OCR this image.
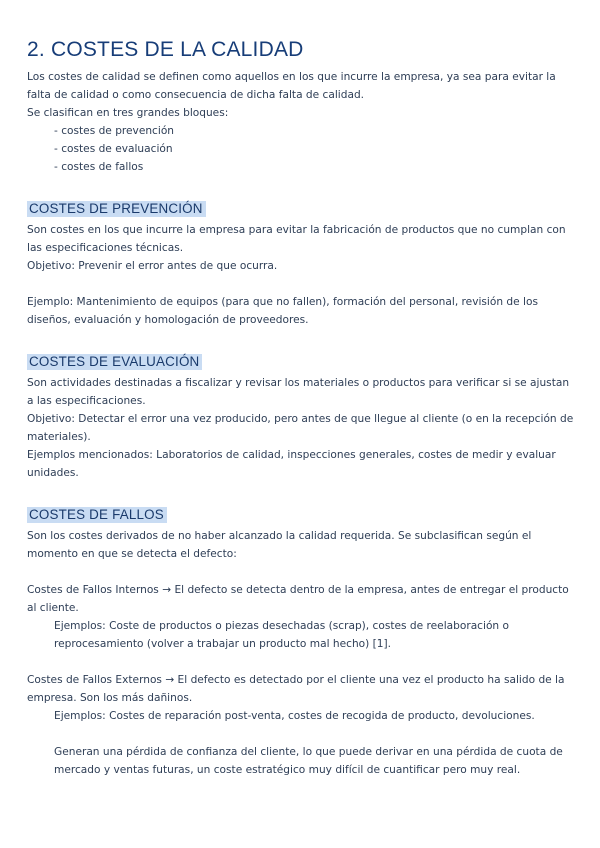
2. COSTES DE LA CALIDAD

Los costes de calidad se definen como aquellos en los que incurre la empresa, ya sea para evitar la falta de calidad o como consecuencia de dicha falta de calidad.

Se clasifican en tres grandes bloques:

- costes de prevención
- costes de evaluación
- costes de fallos
COSTES DE PREVENCIÓN

Son costes en los que incurre la empresa para evitar la fabricación de productos que no cumplan con las especificaciones técnicas.

Objetivo: Prevenir el error antes de que ocurra.

Ejemplo: Mantenimiento de equipos (para que no fallen), formación del personal, revisión de los diseños, evaluación y homologación de proveedores.

COSTES DE EVALUACIÓN

Son actividades destinadas a fiscalizar y revisar los materiales o productos para verificar si se ajustan a las especificaciones.

Objetivo: Detectar el error una vez producido, pero antes de que llegue al cliente (o en la recepción de materiales).

Ejemplos mencionados: Laboratorios de calidad, inspecciones generales, costes de medir y evaluar unidades.

COSTES DE FALLOS

Son los costes derivados de no haber alcanzado la calidad requerida. Se subclasifican según el momento en que se detecta el defecto:

Costes de Fallos Internos → El defecto se detecta dentro de la empresa, antes de entregar el producto al cliente.

Ejemplos: Coste de productos o piezas desechadas (scrap), costes de reelaboración o reprocesamiento (volver a trabajar un producto mal hecho) [1].

Costes de Fallos Externos → El defecto es detectado por el cliente una vez el producto ha salido de la empresa. Son los más dañinos.

Ejemplos: Costes de reparación post-venta, costes de recogida de producto, devoluciones.

Generan una pérdida de confianza del cliente, lo que puede derivar en una pérdida de cuota de mercado y ventas futuras, un coste estratégico muy difícil de cuantificar pero muy real.
